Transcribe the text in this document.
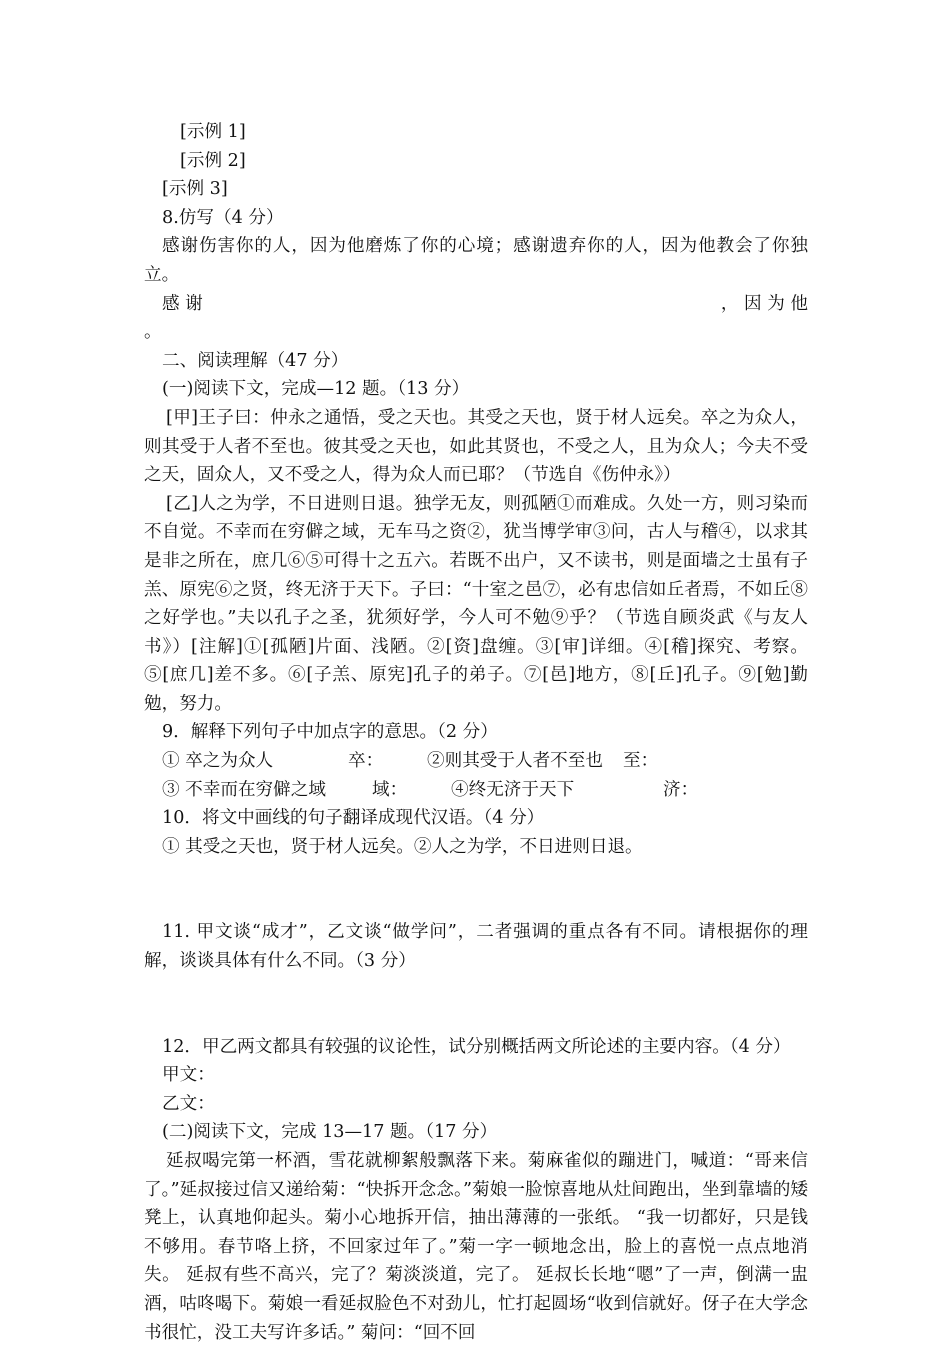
[示例 1]
[示例 2]
[示例 3]
8.仿写（4 分）
感谢伤害你的人，因为他磨炼了你的心境；感谢遗弃你的人，因为他教会了你独立。
感 谢	， 因 为 他
。
二、阅读理解（47 分）
(一)阅读下文，完成—12 题。（13 分）
[甲]王子曰：仲永之通悟，受之天也。其受之天也，贤于材人远矣。卒之为众人，则其受于人者不至也。彼其受之天也，如此其贤也，不受之人，且为众人；今夫不受之天，固众人，又不受之人，得为众人而已耶？（节选自《伤仲永》）
[乙]人之为学，不日进则日退。独学无友，则孤陋①而难成。久处一方，则习染而不自觉。不幸而在穷僻之域，无车马之资②，犹当博学审③问，古人与稽④，以求其是非之所在，庶几⑥⑤可得十之五六。若既不出户，又不读书，则是面墙之士虽有子羔、原宪⑥之贤，终无济于天下。子曰：“十室之邑⑦，必有忠信如丘者焉，不如丘⑧之好学也。”夫以孔子之圣，犹须好学，今人可不勉⑨乎？（节选自顾炎武《与友人书》）[注解]①[孤陋]片面、浅陋。②[资]盘缠。③[审]详细。④[稽]探究、考察。⑤[庶几]差不多。⑥[子羔、原宪]孔子的弟子。⑦[邑]地方，⑧[丘]孔子。⑨[勉]勤勉，努力。
9．解释下列句子中加点字的意思。（2 分）
① 卒之为众人	卒：	②则其受于人者不至也	至：
③ 不幸而在穷僻之域	域：	④终无济于天下	济：
10．将文中画线的句子翻译成现代汉语。（4 分）
① 其受之天也，贤于材人远矣。②人之为学，不日进则日退。
11. 甲文谈“成才”，乙文谈“做学问”，二者强调的重点各有不同。请根据你的理解，谈谈具体有什么不同。（3 分）
12．甲乙两文都具有较强的议论性，试分别概括两文所论述的主要内容。（4 分）
甲文：
乙文：
(二)阅读下文，完成 13—17 题。（17 分）
延叔喝完第一杯酒，雪花就柳絮般飘落下来。菊麻雀似的蹦进门，喊道：“哥来信了。”延叔接过信又递给菊：“快拆开念念。”菊娘一脸惊喜地从灶间跑出，坐到靠墙的矮凳上，认真地仰起头。菊小心地拆开信，抽出薄薄的一张纸。 “我一切都好，只是钱不够用。春节咯上挤，不回家过年了。”菊一字一顿地念出，脸上的喜悦一点点地消失。 延叔有些不高兴，完了？菊淡淡道，完了。 延叔长长地“嗯”了一声，倒满一盅酒，咕咚喝下。菊娘一看延叔脸色不对劲儿，忙打起圆场“收到信就好。伢子在大学念书很忙，没工夫写许多话。” 菊问：“回不回
